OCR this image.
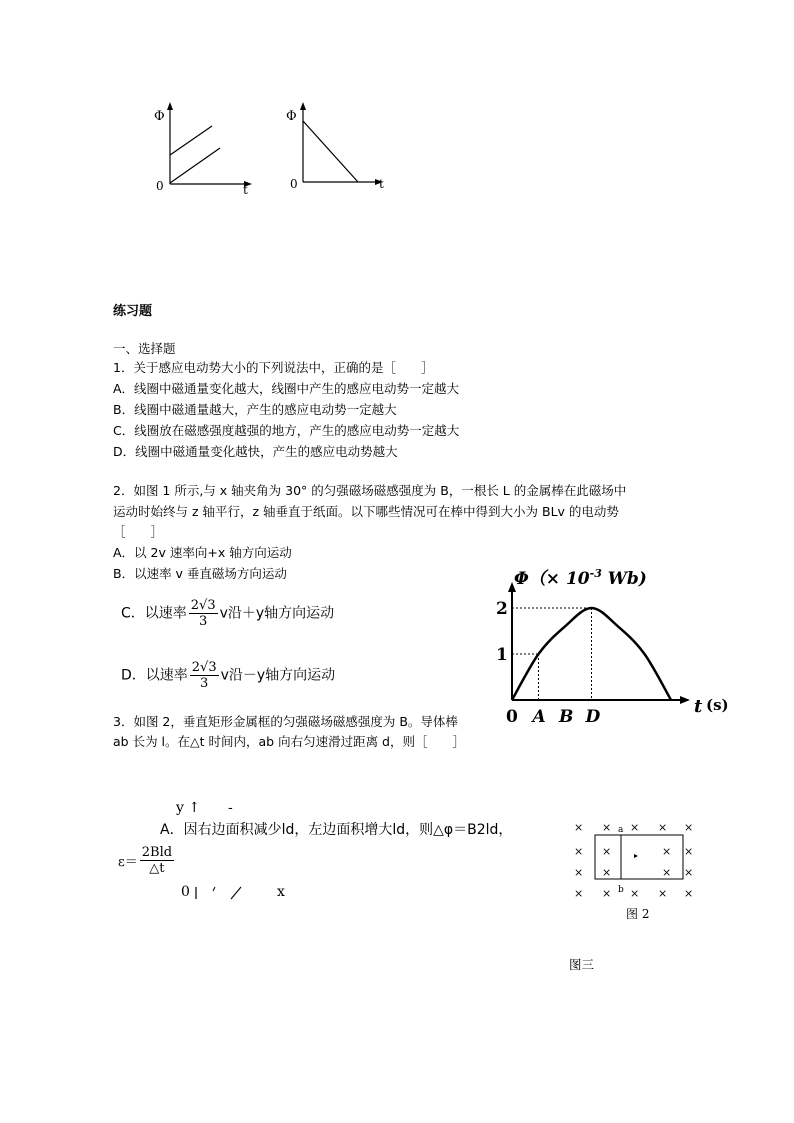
Φ
0	t
Φ
0	t
练习题
一、选择题
1．关于感应电动势大小的下列说法中，正确的是［　　］
A．线圈中磁通量变化越大，线圈中产生的感应电动势一定越大
B．线圈中磁通量越大，产生的感应电动势一定越大
C．线圈放在磁感强度越强的地方，产生的感应电动势一定越大
D．线圈中磁通量变化越快，产生的感应电动势越大
2．如图 1 所示,与 x 轴夹角为 30° 的匀强磁场磁感强度为 B，一根长 L 的金属棒在此磁场中
运动时始终与 z 轴平行，z 轴垂直于纸面。以下哪些情况可在棒中得到大小为 BLv 的电动势
［　　］
A．以 2v 速率向+x 轴方向运动
B．以速率 v 垂直磁场方向运动
C．以速率 $\frac{2√3}{3}$ v沿＋y轴方向运动
D．以速率 $\frac{2√3}{3}$ v沿－y轴方向运动
3．如图 2，垂直矩形金属框的匀强磁场磁感强度为 B。导体棒
ab 长为 l。在△t 时间内，ab 向右匀速滑过距离 d，则［　　］
y ↑ -
A．因右边面积减少ld，左边面积增大ld，则△φ＝B2ld，
$\varepsilon= \frac{\text{2Bld}}{\triangle t}$
0	x
0 A B D
1
2
$\Phi(\times 10^{-3}$ Wb)
t (s)
× × × × ×
×	×
×	×
× × × × ×
×
×
×
×
a
b
图 2
图三
